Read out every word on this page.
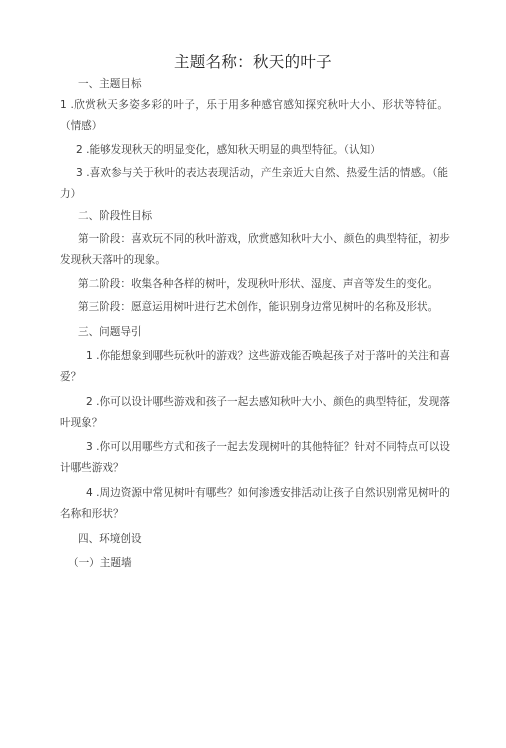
主题名称：秋天的叶子
一、主题目标
1 .欣赏秋天多姿多彩的叶子，乐于用多种感官感知探究秋叶大小、形状等特征。（情感）
2 .能够发现秋天的明显变化，感知秋天明显的典型特征。（认知）
3 .喜欢参与关于秋叶的表达表现活动，产生亲近大自然、热爱生活的情感。（能力）
二、阶段性目标
第一阶段：喜欢玩不同的秋叶游戏，欣赏感知秋叶大小、颜色的典型特征，初步发现秋天落叶的现象。
第二阶段：收集各种各样的树叶，发现秋叶形状、湿度、声音等发生的变化。
第三阶段：愿意运用树叶进行艺术创作，能识别身边常见树叶的名称及形状。
三、问题导引
1 .你能想象到哪些玩秋叶的游戏？这些游戏能否唤起孩子对于落叶的关注和喜爱？
2 .你可以设计哪些游戏和孩子一起去感知秋叶大小、颜色的典型特征，发现落叶现象？
3 .你可以用哪些方式和孩子一起去发现树叶的其他特征？针对不同特点可以设计哪些游戏？
4 .周边资源中常见树叶有哪些？如何渗透安排活动让孩子自然识别常见树叶的名称和形状？
四、环境创设
（一）主题墙
